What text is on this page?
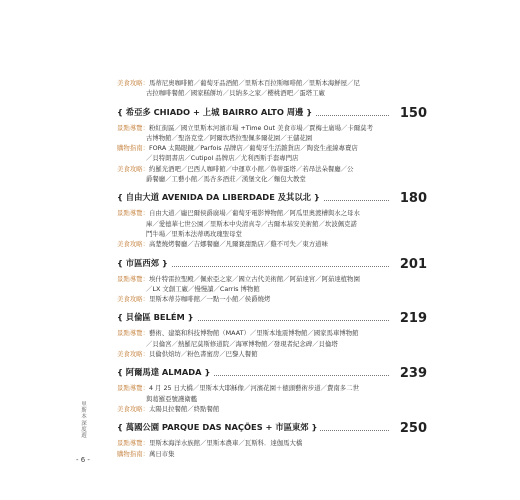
美食攻略：馬蒂尼奧咖啡館／葡萄牙品酒館／里斯本百拉斯咖啡館／里斯本海鮮屋／尼
古拉咖啡餐館／國家糕餅坊／貝納多之家／櫻桃酒吧／蛋塔工廠
{ 希亞多 CHIADO + 上城 BAIRRO ALTO 周邊 }	150
景點導覽：粉紅街區／國立里斯本河濱市場 +Time Out 美食市場／賈梅士廣場／卡爾莫考
古博物館／聖洛克堂／阿爾坎塔拉聖佩多爾花園／王儲花園
購物指南：FORA 太陽眼鏡／Parfois 品牌店／葡萄牙生活雜貨店／陶瓷生產線專賣店
／貝特朗書店／Cutipol 品牌店／尤利西斯手套專門店
美食攻略：約羅光酒吧／巴西人咖啡館／中運草小館／魯蒂蛋塔／若昂法朵餐廳／公
爵餐廳／工藝小館／馬杏多酒莊／漢堡文化／麵包大教堂
{ 自由大道 AVENIDA DA LIBERDADE 及其以北 }	180
景點導覽：自由大道／龐巴爾侯爵廣場／葡萄牙電影博物館／阿瓜里奧渡槽與水之母水
庫／愛德華七世公園／里斯本中央清真寺／古爾本基安美術館／坎波佩克諾
鬥牛場／里斯本法蒂瑪玫瑰聖母堂
美食攻略：高楚燒烤餐廳／吉娜餐廳／凡爾賽甜點店／雞不可失／東方道味
{ 市區西郊 }	201
景點導覽：埃什特雷拉聖殿／佩索亞之家／國立古代美術館／阿茹達宮／阿茹達植物園
／LX 文創工廠／慢慢讀／Carris 博物館
美食攻略：里斯本蒂芬咖啡館／一點一小館／侯爵燒烤
{ 貝倫區 BELÉM }	219
景點導覽：藝術、建築和科技博物館（MAAT）／里斯本地震博物館／國家馬車博物館
／貝倫宮／熱羅尼莫斯修道院／海軍博物館／發現者紀念碑／貝倫塔
美食攻略：貝倫供焙坊／粉色書蜜房／巴黎人餐館
{ 阿爾馬達 ALMADA }	239
景點導覽：4 月 25 日大橋／里斯本大耶穌像／河濱花園＋徳頭藝術步道／費南多二世
與葛羅亞號護衛艦
美食攻略：太陽貝拉餐館／終點餐館
{ 萬國公園 PARQUE DAS NAÇÕES + 市區東郊 }	250
景點導覽：里斯本海洋水族館／里斯本農車／瓦斯科．達伽馬大橋
購物指南：萬日市集
里
斯
本
深
度
遊
- 6 -
